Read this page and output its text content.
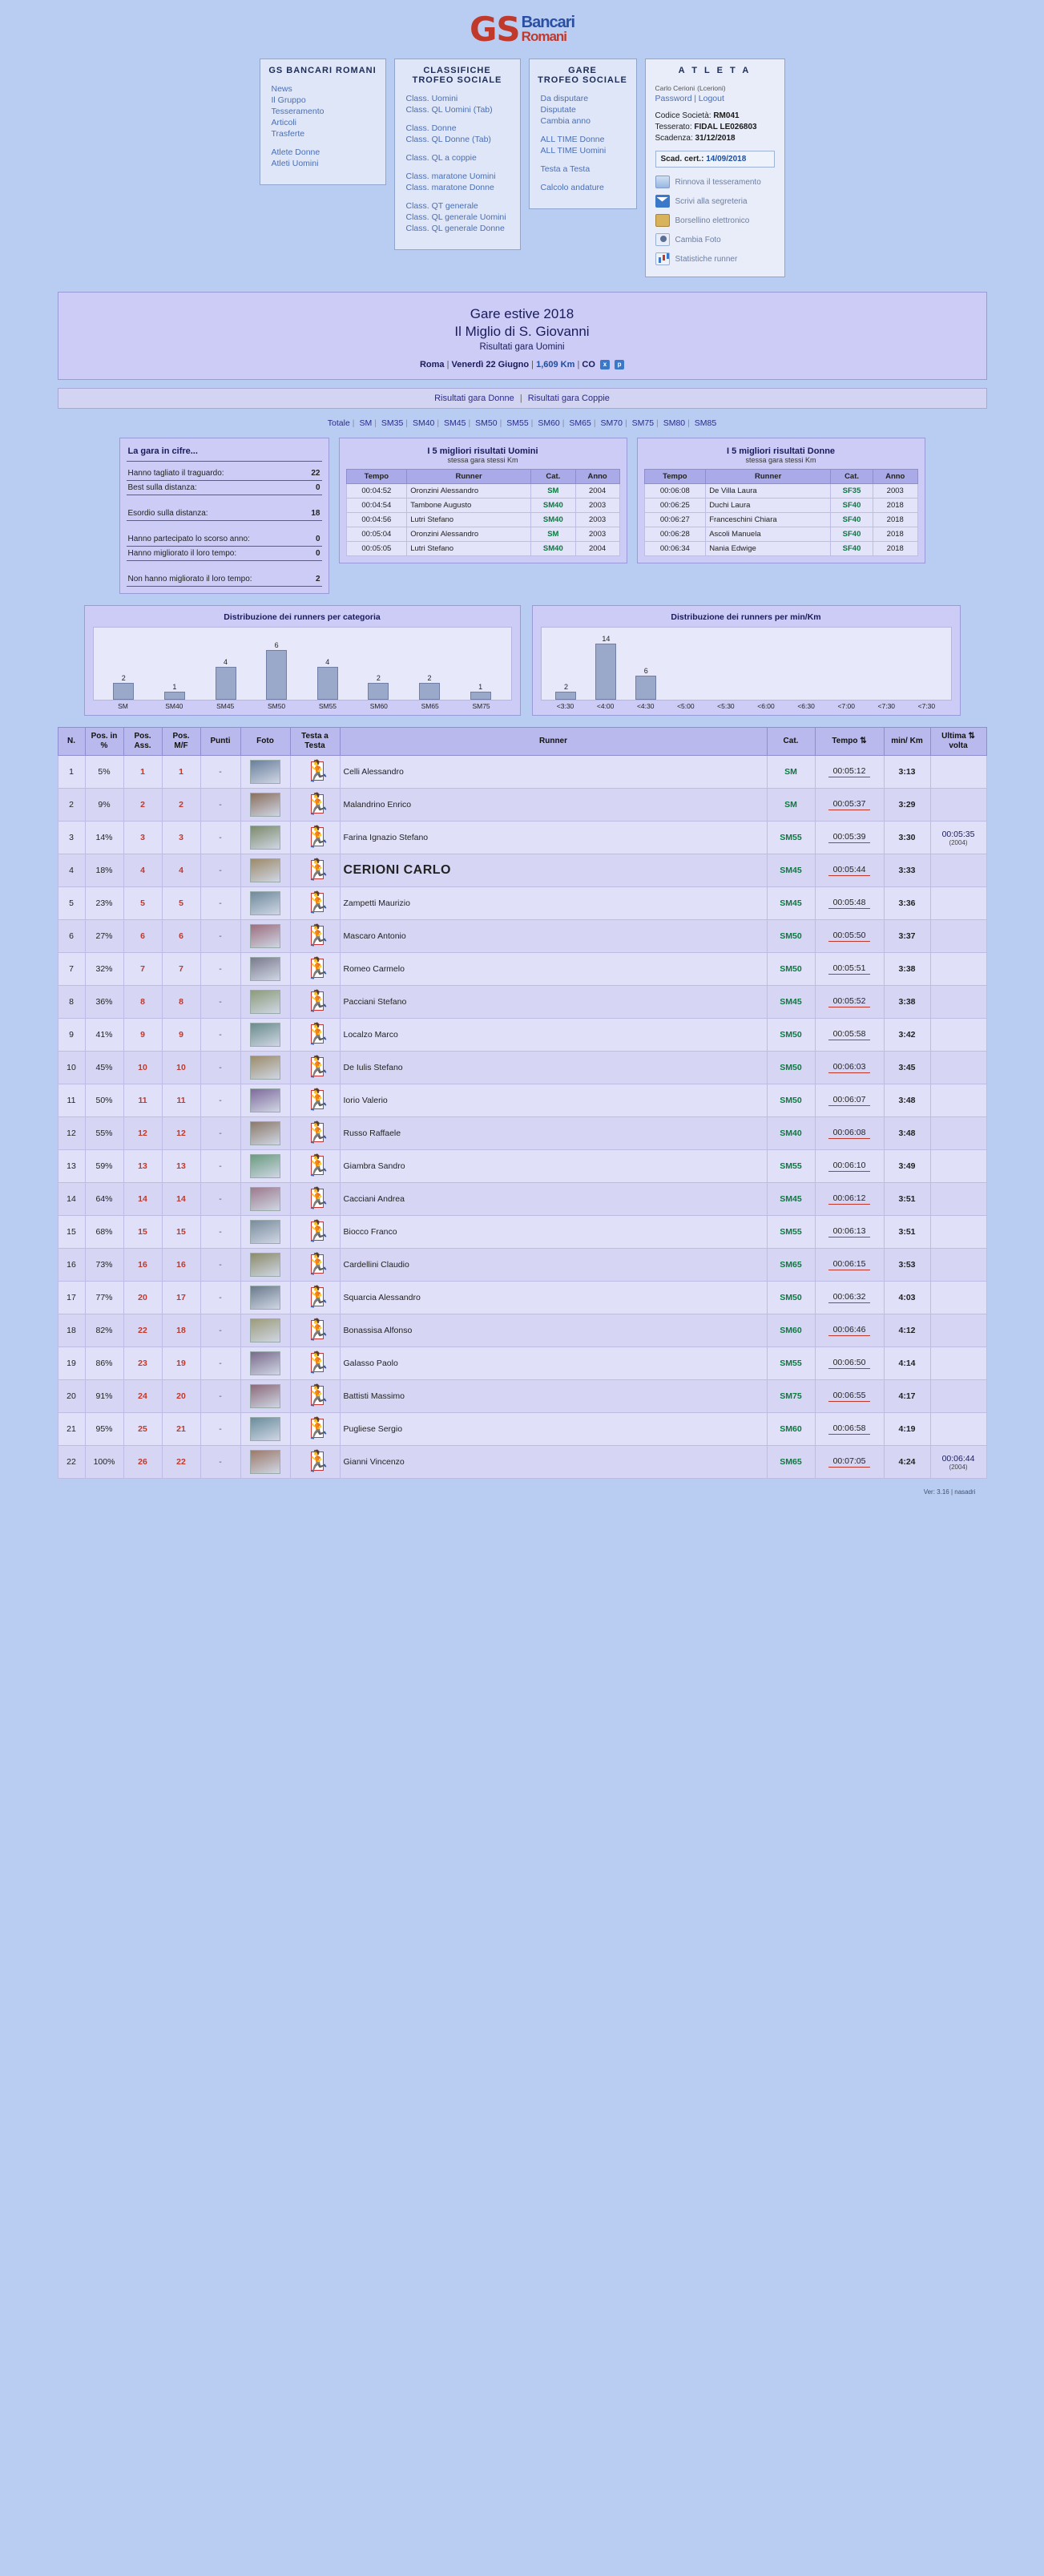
GS Bancari
Romani
GS BANCARI ROMANI
News
Il Gruppo
Tesseramento
Articoli
Trasferte
Atlete Donne
Atleti Uomini
CLASSIFICHE
TROFEO SOCIALE
Class. Uomini
Class. QL Uomini (Tab)
Class. Donne
Class. QL Donne (Tab)
Class. QL a coppie
Class. maratone Uomini
Class. maratone Donne
Class. QT generale
Class. QL generale Uomini
Class. QL generale Donne
GARE
TROFEO SOCIALE
Da disputare
Disputate
Cambia anno
ALL TIME Donne
ALL TIME Uomini
Testa a Testa
Calcolo andature
A T L E T A
Carlo Cerioni (Lcerioni)
Password | Logout
Codice Società: RM041
Tesserato: FIDAL LE026803
Scadenza: 31/12/2018
Scad. cert.: 14/09/2018
Rinnova il tesseramento
Scrivi alla segreteria
Borsellino elettronico
Cambia Foto
Statistiche runner
Gare estive 2018
Il Miglio di S. Giovanni
Risultati gara Uomini
Roma | Venerdì 22 Giugno | 1,609 Km | CO x p
Risultati gara Donne | Risultati gara Coppie
Totale | SM | SM35 | SM40 | SM45 | SM50 | SM55 | SM60 | SM65 | SM70 | SM75 | SM80 | SM85
La gara in cifre...
Hanno tagliato il traguardo:	22
Best sulla distanza:	0
Esordio sulla distanza:	18
Hanno partecipato lo scorso anno:	0
Hanno migliorato il loro tempo:	0
Non hanno migliorato il loro tempo:	2
I 5 migliori risultati Uomini
stessa gara stessi Km
Tempo	Runner	Cat.	Anno
00:04:52	Oronzini Alessandro	SM	2004
00:04:54	Tambone Augusto	SM40	2003
00:04:56	Lutri Stefano	SM40	2003
00:05:04	Oronzini Alessandro	SM	2003
00:05:05	Lutri Stefano	SM40	2004
I 5 migliori risultati Donne
stessa gara stessi Km
Tempo	Runner	Cat.	Anno
00:06:08	De Villa Laura	SF35	2003
00:06:25	Duchi Laura	SF40	2018
00:06:27	Franceschini Chiara	SF40	2018
00:06:28	Ascoli Manuela	SF40	2018
00:06:34	Nania Edwige	SF40	2018
Distribuzione dei runners per categoria
2
1
4
6
4
2	2
1
SM	SM40	SM45	SM50	SM55	SM60	SM65	SM75
Distribuzione dei runners per min/Km
2
14
6
<3:30	<4:00	<4:30	<5:00	<5:30	<6:00	<6:30	<7:00	<7:30	<7:30
N.	Pos. in %	Pos. Ass.	Pos. M/F	Punti	Foto	Testa a Testa	Runner	Cat.	Tempo ⇅	min/ Km	Ultima ⇅ volta
1	5%	1	1	-		🏃	Celli Alessandro	SM	00:05:12	3:13	
2	9%	2	2	-		🏃	Malandrino Enrico	SM	00:05:37	3:29	
3	14%	3	3	-		🏃	Farina Ignazio Stefano	SM55	00:05:39	3:30	00:05:35
(2004)

4	18%	4	4	-		🏃	CERIONI CARLO	SM45	00:05:44	3:33	
5	23%	5	5	-		🏃	Zampetti Maurizio	SM45	00:05:48	3:36	
6	27%	6	6	-		🏃	Mascaro Antonio	SM50	00:05:50	3:37	
7	32%	7	7	-		🏃	Romeo Carmelo	SM50	00:05:51	3:38	
8	36%	8	8	-		🏃	Pacciani Stefano	SM45	00:05:52	3:38	
9	41%	9	9	-		🏃	Localzo Marco	SM50	00:05:58	3:42	
10	45%	10	10	-		🏃	De Iulis Stefano	SM50	00:06:03	3:45	
11	50%	11	11	-		🏃	Iorio Valerio	SM50	00:06:07	3:48	
12	55%	12	12	-		🏃	Russo Raffaele	SM40	00:06:08	3:48	
13	59%	13	13	-		🏃	Giambra Sandro	SM55	00:06:10	3:49	
14	64%	14	14	-		🏃	Cacciani Andrea	SM45	00:06:12	3:51	
15	68%	15	15	-		🏃	Biocco Franco	SM55	00:06:13	3:51	
16	73%	16	16	-		🏃	Cardellini Claudio	SM65	00:06:15	3:53	
17	77%	20	17	-		🏃	Squarcia Alessandro	SM50	00:06:32	4:03	
18	82%	22	18	-		🏃	Bonassisa Alfonso	SM60	00:06:46	4:12	
19	86%	23	19	-		🏃	Galasso Paolo	SM55	00:06:50	4:14	
20	91%	24	20	-		🏃	Battisti Massimo	SM75	00:06:55	4:17	
21	95%	25	21	-		🏃	Pugliese Sergio	SM60	00:06:58	4:19	
22	100%	26	22	-		🏃	Gianni Vincenzo	SM65	00:07:05	4:24	00:06:44
(2004)
Ver: 3.16 | nasadri
